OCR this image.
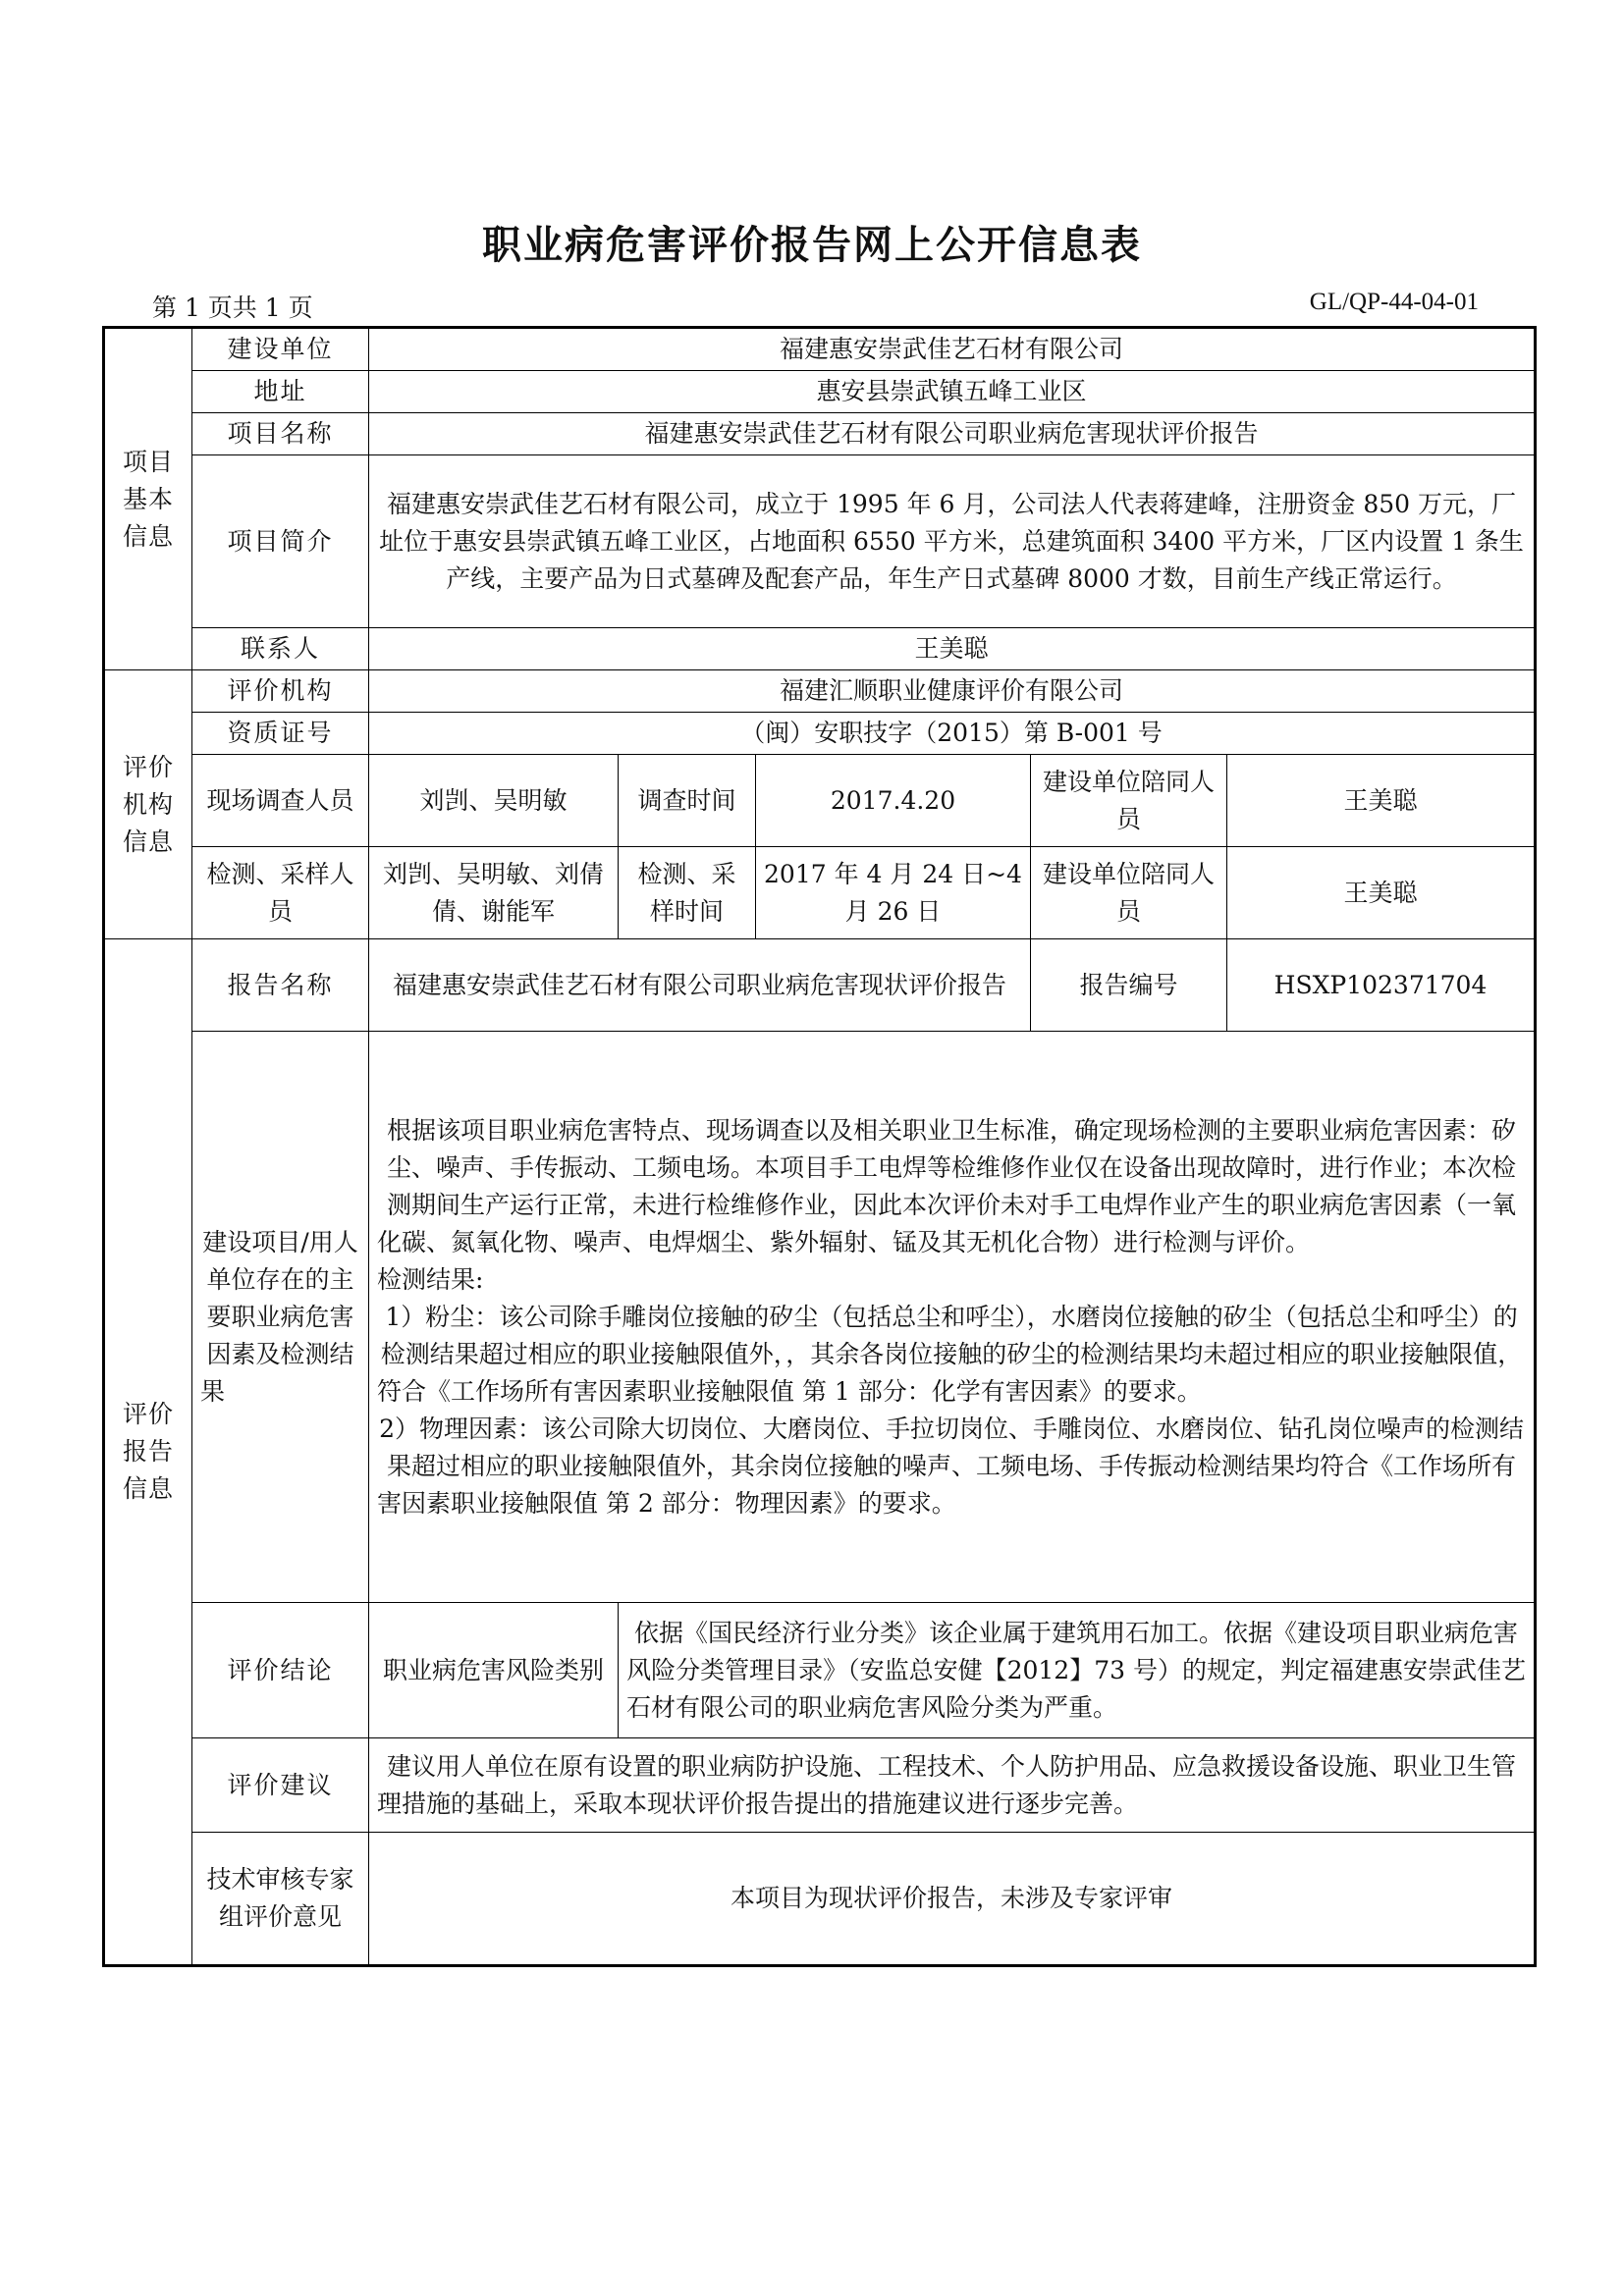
职业病危害评价报告网上公开信息表
第 1 页共 1 页	GL/QP-44-04-01
项目基本信息	建设单位	福建惠安崇武佳艺石材有限公司				
	地址	惠安县崇武镇五峰工业区				
	项目名称	福建惠安崇武佳艺石材有限公司职业病危害现状评价报告				
	项目简介	福建惠安崇武佳艺石材有限公司，成立于 1995 年 6 月，公司法人代表蒋建峰，注册资金 850 万元，厂址位于惠安县崇武镇五峰工业区，占地面积 6550 平方米，总建筑面积 3400 平方米，厂区内设置 1 条生产线，主要产品为日式墓碑及配套产品，年生产日式墓碑 8000 才数，目前生产线正常运行。				
	联系人	王美聪				
评价机构信息	评价机构	福建汇顺职业健康评价有限公司				
	资质证号	（闽）安职技字（2015）第 B-001 号				
	现场调查人员	刘剀、吴明敏	调查时间	2017.4.20	建设单位陪同人员	王美聪
	检测、采样人员	刘剀、吴明敏、刘倩倩、谢能军	检测、采样时间	2017 年 4 月 24 日~4 月 26 日	建设单位陪同人员	王美聪
评价报告信息	报告名称	福建惠安崇武佳艺石材有限公司职业病危害现状评价报告			报告编号	HSXP102371704
	建设项目/用人单位存在的主要职业病危害因素及检测结果	根据该项目职业病危害特点、现场调查以及相关职业卫生标准，确定现场检测的主要职业病危害因素：矽尘、噪声、手传振动、工频电场。本项目手工电焊等检维修作业仅在设备出现故障时，进行作业；本次检测期间生产运行正常，未进行检维修作业，因此本次评价未对手工电焊作业产生的职业病危害因素（一氧化碳、氮氧化物、噪声、电焊烟尘、紫外辐射、锰及其无机化合物）进行检测与评价。
检测结果:
1）粉尘：该公司除手雕岗位接触的矽尘（包括总尘和呼尘），水磨岗位接触的矽尘（包括总尘和呼尘）的检测结果超过相应的职业接触限值外，，其余各岗位接触的矽尘的检测结果均未超过相应的职业接触限值，符合《工作场所有害因素职业接触限值 第 1 部分：化学有害因素》的要求。
2）物理因素：该公司除大切岗位、大磨岗位、手拉切岗位、手雕岗位、水磨岗位、钻孔岗位噪声的检测结果超过相应的职业接触限值外，其余岗位接触的噪声、工频电场、手传振动检测结果均符合《工作场所有害因素职业接触限值 第 2 部分：物理因素》的要求。				

	评价结论	职业病危害风险类别	依据《国民经济行业分类》该企业属于建筑用石加工。依据《建设项目职业病危害风险分类管理目录》（安监总安健【2012】73 号）的规定，判定福建惠安崇武佳艺石材有限公司的职业病危害风险分类为严重。			
	评价建议	建议用人单位在原有设置的职业病防护设施、工程技术、个人防护用品、应急救援设备设施、职业卫生管理措施的基础上，采取本现状评价报告提出的措施建议进行逐步完善。				
	技术审核专家组评价意见	本项目为现状评价报告，未涉及专家评审				
